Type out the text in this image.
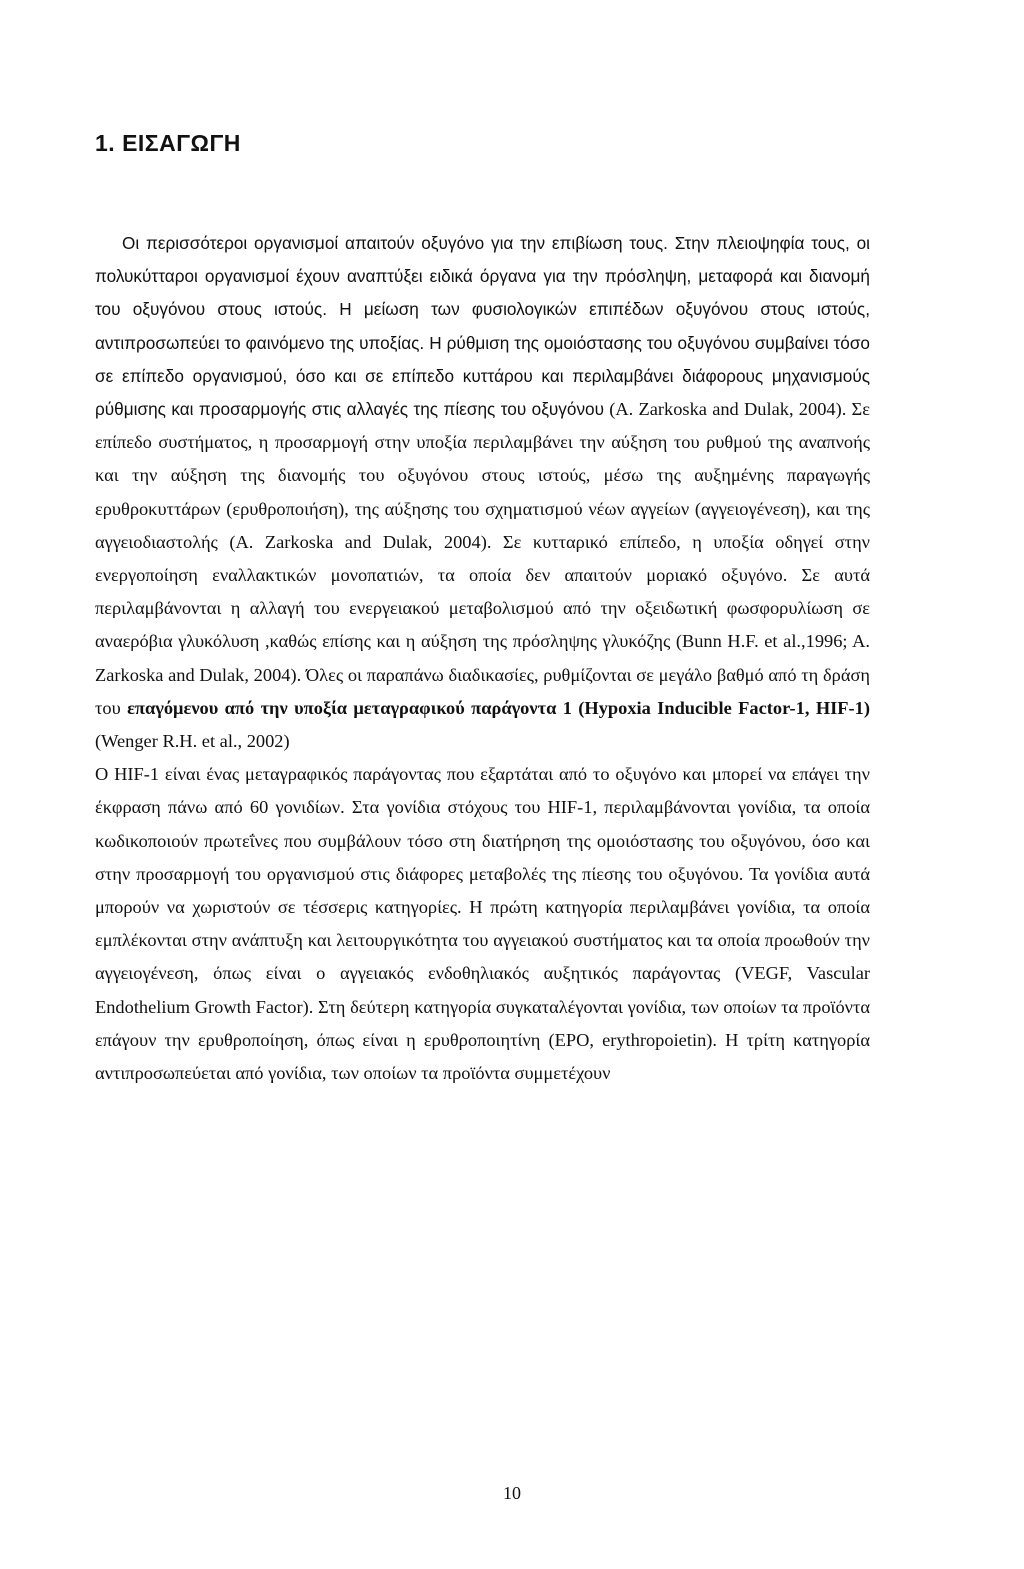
1. ΕΙΣΑΓΩΓΗ

Οι περισσότεροι οργανισμοί απαιτούν οξυγόνο για την επιβίωση τους. Στην πλειοψηφία τους, οι πολυκύτταροι οργανισμοί έχουν αναπτύξει ειδικά όργανα για την πρόσληψη, μεταφορά και διανομή του οξυγόνου στους ιστούς. Η μείωση των φυσιολογικών επιπέδων οξυγόνου στους ιστούς, αντιπροσωπεύει το φαινόμενο της υποξίας. Η ρύθμιση της ομοιόστασης του οξυγόνου συμβαίνει τόσο σε επίπεδο οργανισμού, όσο και σε επίπεδο κυττάρου και περιλαμβάνει διάφορους μηχανισμούς ρύθμισης και προσαρμογής στις αλλαγές της πίεσης του οξυγόνου (A. Zarkoska and Dulak, 2004). Σε επίπεδο συστήματος, η προσαρμογή στην υποξία περιλαμβάνει την αύξηση του ρυθμού της αναπνοής και την αύξηση της διανομής του οξυγόνου στους ιστούς, μέσω της αυξημένης παραγωγής ερυθροκυττάρων (ερυθροποιήση), της αύξησης του σχηματισμού νέων αγγείων (αγγειογένεση), και της αγγειοδιαστολής (A. Zarkoska and Dulak, 2004). Σε κυτταρικό επίπεδο, η υποξία οδηγεί στην ενεργοποίηση εναλλακτικών μονοπατιών, τα οποία δεν απαιτούν μοριακό οξυγόνο. Σε αυτά περιλαμβάνονται η αλλαγή του ενεργειακού μεταβολισμού από την οξειδωτική φωσφορυλίωση σε αναερόβια γλυκόλυση ,καθώς επίσης και η αύξηση της πρόσληψης γλυκόζης (Bunn H.F. et al.,1996; A. Zarkoska and Dulak, 2004). Όλες οι παραπάνω διαδικασίες, ρυθμίζονται σε μεγάλο βαθμό από τη δράση του επαγόμενου από την υποξία μεταγραφικού παράγοντα 1 (Hypoxia Inducible Factor-1, HIF-1) (Wenger R.H. et al., 2002)

Ο HIF-1 είναι ένας μεταγραφικός παράγοντας που εξαρτάται από το οξυγόνο και μπορεί να επάγει την έκφραση πάνω από 60 γονιδίων. Στα γονίδια στόχους του HIF-1, περιλαμβάνονται γονίδια, τα οποία κωδικοποιούν πρωτεΐνες που συμβάλουν τόσο στη διατήρηση της ομοιόστασης του οξυγόνου, όσο και στην προσαρμογή του οργανισμού στις διάφορες μεταβολές της πίεσης του οξυγόνου. Τα γονίδια αυτά μπορούν να χωριστούν σε τέσσερις κατηγορίες. Η πρώτη κατηγορία περιλαμβάνει γονίδια, τα οποία εμπλέκονται στην ανάπτυξη και λειτουργικότητα του αγγειακού συστήματος και τα οποία προωθούν την αγγειογένεση, όπως είναι ο αγγειακός ενδοθηλιακός αυξητικός παράγοντας (VEGF, Vascular Endothelium Growth Factor). Στη δεύτερη κατηγορία συγκαταλέγονται γονίδια, των οποίων τα προϊόντα επάγουν την ερυθροποίηση, όπως είναι η ερυθροποιητίνη (EPO, erythropoietin). Η τρίτη κατηγορία αντιπροσωπεύεται από γονίδια, των οποίων τα προϊόντα συμμετέχουν

10
